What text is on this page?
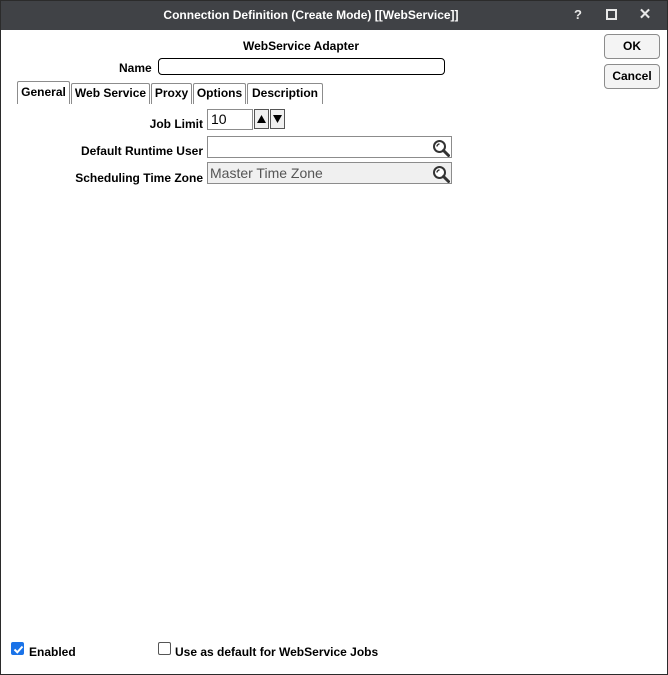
Connection Definition (Create Mode) [[WebService]]	?	✕
WebService Adapter
Name
OK
Cancel
General Web Service Proxy Options Description
Job Limit 10
Default Runtime User
Scheduling Time Zone Master Time Zone
Enabled	Use as default for WebService Jobs
